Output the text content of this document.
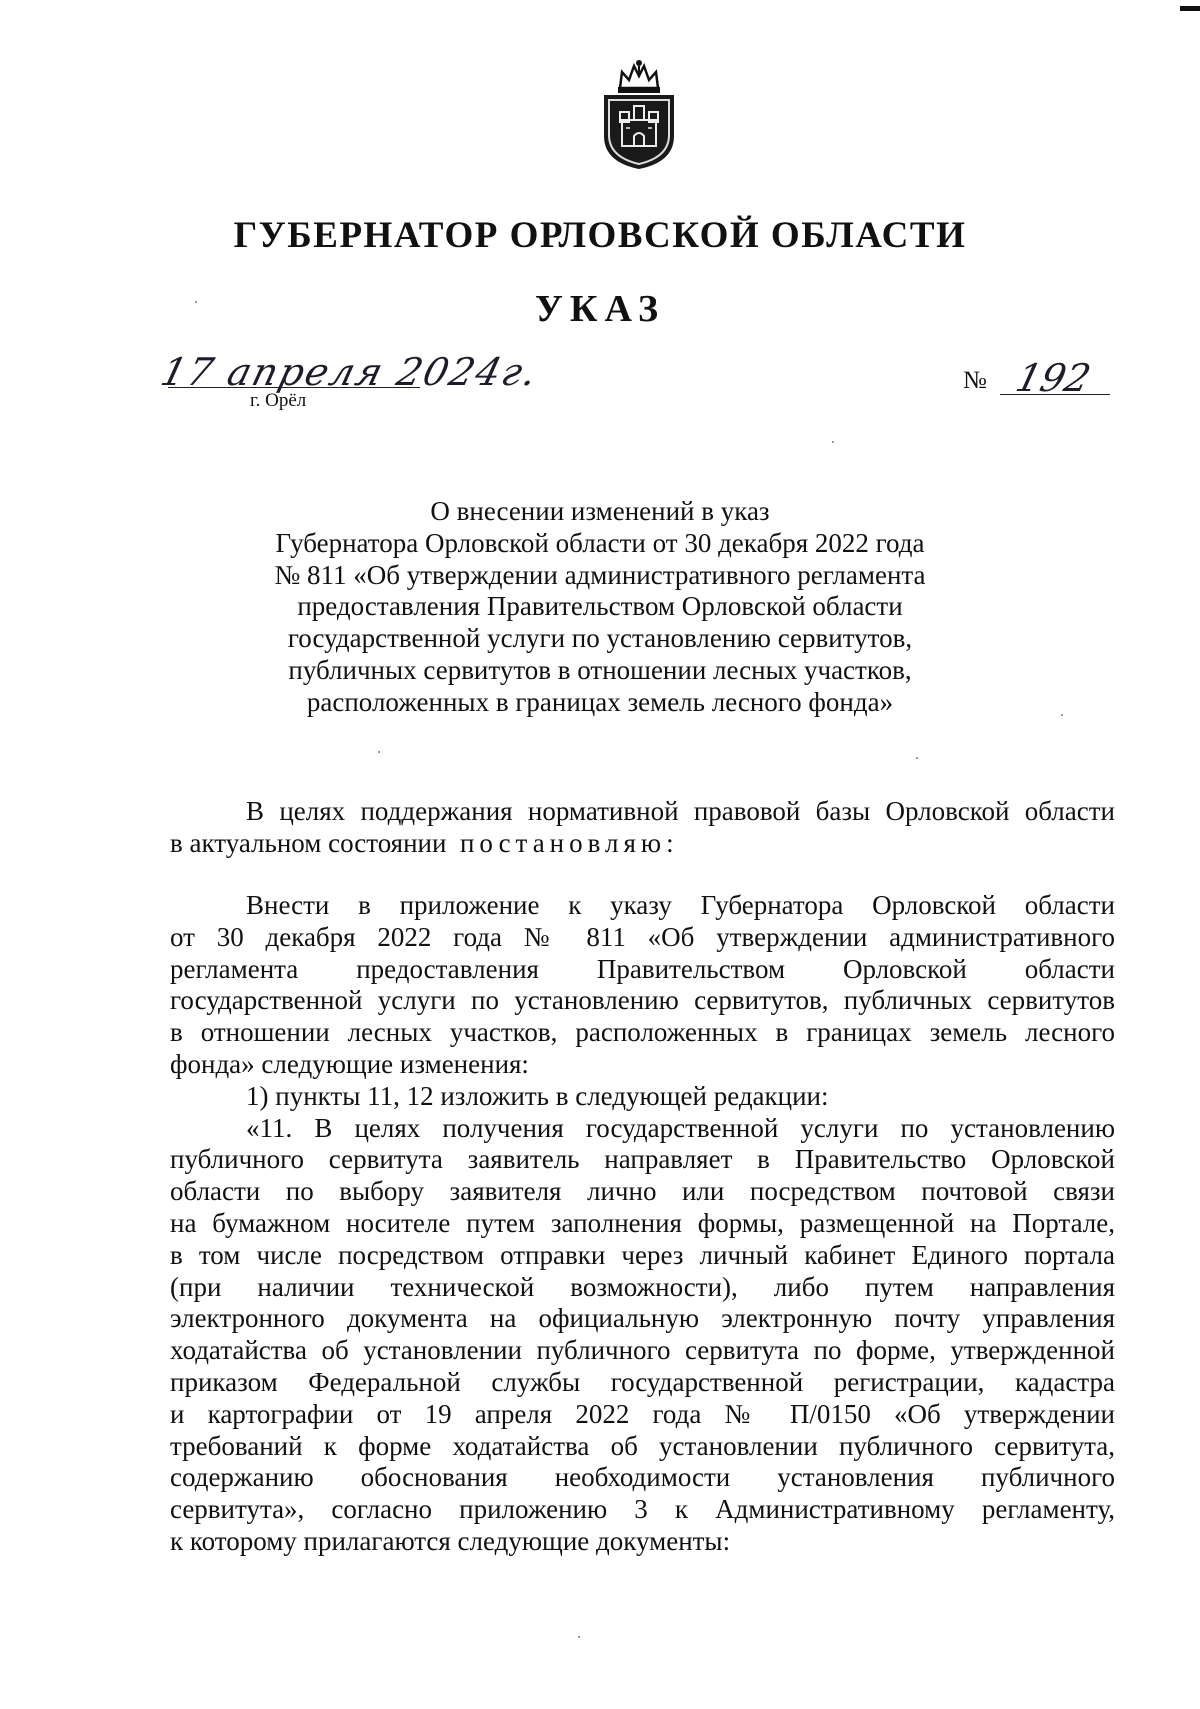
ГУБЕРНАТОР ОРЛОВСКОЙ ОБЛАСТИ
УКАЗ
17 апреля 2024г.
г. Орёл
№ 192
О внесении изменений в указ
Губернатора Орловской области от 30 декабря 2022 года
№ 811 «Об утверждении административного регламента
предоставления Правительством Орловской области
государственной услуги по установлению сервитутов,
публичных сервитутов в отношении лесных участков,
расположенных в границах земель лесного фонда»
В целях поддержания нормативной правовой базы Орловской области
в актуальном состоянии постановляю:
Внести в приложение к указу Губернатора Орловской области
от 30 декабря 2022 года № 811 «Об утверждении административного
регламента предоставления Правительством Орловской области
государственной услуги по установлению сервитутов, публичных сервитутов
в отношении лесных участков, расположенных в границах земель лесного
фонда» следующие изменения:
1) пункты 11, 12 изложить в следующей редакции:
«11. В целях получения государственной услуги по установлению
публичного сервитута заявитель направляет в Правительство Орловской
области по выбору заявителя лично или посредством почтовой связи
на бумажном носителе путем заполнения формы, размещенной на Портале,
в том числе посредством отправки через личный кабинет Единого портала
(при наличии технической возможности), либо путем направления
электронного документа на официальную электронную почту управления
ходатайства об установлении публичного сервитута по форме, утвержденной
приказом Федеральной службы государственной регистрации, кадастра
и картографии от 19 апреля 2022 года № П/0150 «Об утверждении
требований к форме ходатайства об установлении публичного сервитута,
содержанию обоснования необходимости установления публичного
сервитута», согласно приложению 3 к Административному регламенту,
к которому прилагаются следующие документы:
